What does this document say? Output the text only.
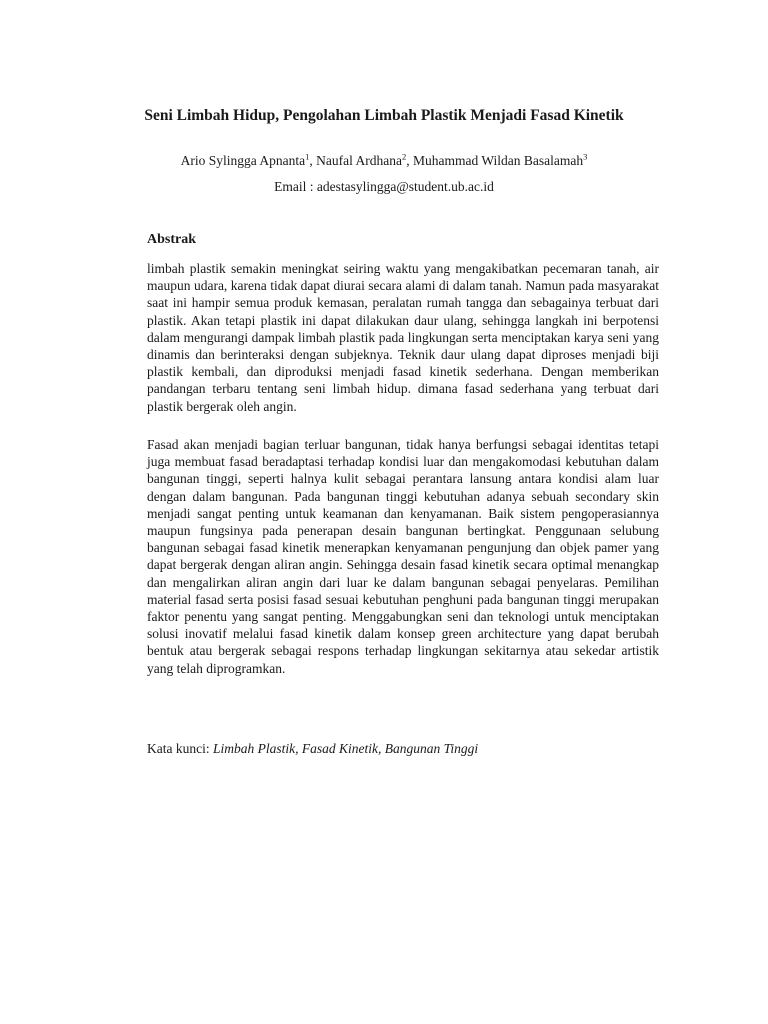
Seni Limbah Hidup, Pengolahan Limbah Plastik Menjadi Fasad Kinetik

Ario Sylingga Apnanta$^1$, Naufal Ardhana$^2$, Muhammad Wildan Basalamah$^3$

Email : adestasylingga@student.ub.ac.id

Abstrak

limbah plastik semakin meningkat seiring waktu yang mengakibatkan pecemaran tanah, air maupun udara, karena tidak dapat diurai secara alami di dalam tanah. Namun pada masyarakat saat ini hampir semua produk kemasan, peralatan rumah tangga dan sebagainya terbuat dari plastik. Akan tetapi plastik ini dapat dilakukan daur ulang, sehingga langkah ini berpotensi dalam mengurangi dampak limbah plastik pada lingkungan serta menciptakan karya seni yang dinamis dan berinteraksi dengan subjeknya. Teknik daur ulang dapat diproses menjadi biji plastik kembali, dan diproduksi menjadi fasad kinetik sederhana. Dengan memberikan pandangan terbaru tentang seni limbah hidup. dimana fasad sederhana yang terbuat dari plastik bergerak oleh angin.

Fasad akan menjadi bagian terluar bangunan, tidak hanya berfungsi sebagai identitas tetapi juga membuat fasad beradaptasi terhadap kondisi luar dan mengakomodasi kebutuhan dalam bangunan tinggi, seperti halnya kulit sebagai perantara lansung antara kondisi alam luar dengan dalam bangunan. Pada bangunan tinggi kebutuhan adanya sebuah secondary skin menjadi sangat penting untuk keamanan dan kenyamanan. Baik sistem pengoperasiannya maupun fungsinya pada penerapan desain bangunan bertingkat. Penggunaan selubung bangunan sebagai fasad kinetik menerapkan kenyamanan pengunjung dan objek pamer yang dapat bergerak dengan aliran angin. Sehingga desain fasad kinetik secara optimal menangkap dan mengalirkan aliran angin dari luar ke dalam bangunan sebagai penyelaras. Pemilihan material fasad serta posisi fasad sesuai kebutuhan penghuni pada bangunan tinggi merupakan faktor penentu yang sangat penting. Menggabungkan seni dan teknologi untuk menciptakan solusi inovatif melalui fasad kinetik dalam konsep green architecture yang dapat berubah bentuk atau bergerak sebagai respons terhadap lingkungan sekitarnya atau sekedar artistik yang telah diprogramkan.

Kata kunci: Limbah Plastik, Fasad Kinetik, Bangunan Tinggi
